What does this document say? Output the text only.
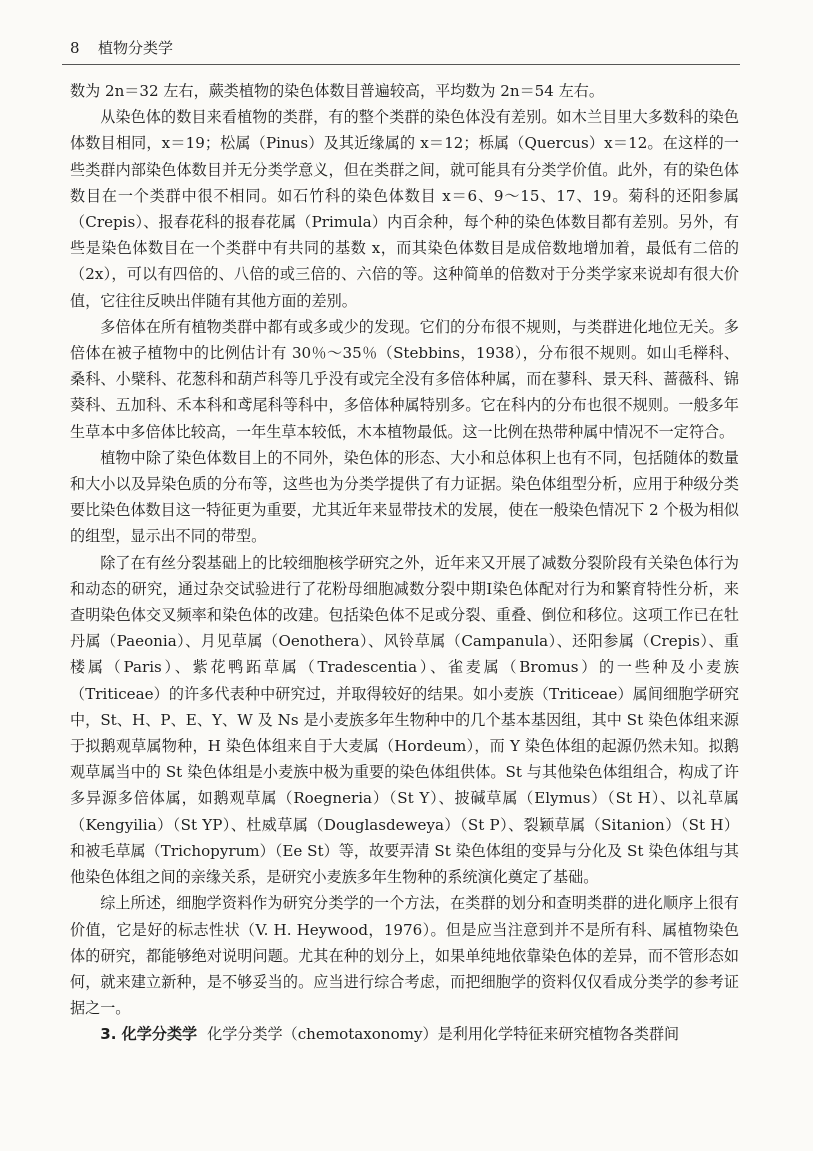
8 植物分类学

数为 2n＝32 左右，蕨类植物的染色体数目普遍较高，平均数为 2n＝54 左右。

从染色体的数目来看植物的类群，有的整个类群的染色体没有差别。如木兰目里大多数科的染色体数目相同，x＝19；松属（Pinus）及其近缘属的 x＝12；栎属（Quercus）x＝12。在这样的一些类群内部染色体数目并无分类学意义，但在类群之间，就可能具有分类学价值。此外，有的染色体数目在一个类群中很不相同。如石竹科的染色体数目 x＝6、9～15、17、19。菊科的还阳参属（Crepis）、报春花科的报春花属（Primula）内百余种，每个种的染色体数目都有差别。另外，有些是染色体数目在一个类群中有共同的基数 x，而其染色体数目是成倍数地增加着，最低有二倍的（2x），可以有四倍的、八倍的或三倍的、六倍的等。这种简单的倍数对于分类学家来说却有很大价值，它往往反映出伴随有其他方面的差别。

多倍体在所有植物类群中都有或多或少的发现。它们的分布很不规则，与类群进化地位无关。多倍体在被子植物中的比例估计有 30％～35％（Stebbins，1938），分布很不规则。如山毛榉科、桑科、小檗科、花葱科和葫芦科等几乎没有或完全没有多倍体种属，而在蓼科、景天科、蔷薇科、锦葵科、五加科、禾本科和鸢尾科等科中，多倍体种属特别多。它在科内的分布也很不规则。一般多年生草本中多倍体比较高，一年生草本较低，木本植物最低。这一比例在热带种属中情况不一定符合。

植物中除了染色体数目上的不同外，染色体的形态、大小和总体积上也有不同，包括随体的数量和大小以及异染色质的分布等，这些也为分类学提供了有力证据。染色体组型分析，应用于种级分类要比染色体数目这一特征更为重要，尤其近年来显带技术的发展，使在一般染色情况下 2 个极为相似的组型，显示出不同的带型。

除了在有丝分裂基础上的比较细胞核学研究之外，近年来又开展了减数分裂阶段有关染色体行为和动态的研究，通过杂交试验进行了花粉母细胞减数分裂中期Ⅰ染色体配对行为和繁育特性分析，来查明染色体交叉频率和染色体的改建。包括染色体不足或分裂、重叠、倒位和移位。这项工作已在牡丹属（Paeonia）、月见草属（Oenothera）、风铃草属（Campanula）、还阳参属（Crepis）、重楼属（Paris）、紫花鸭跖草属（Tradescentia）、雀麦属（Bromus）的一些种及小麦族（Triticeae）的许多代表种中研究过，并取得较好的结果。如小麦族（Triticeae）属间细胞学研究中，St、H、P、E、Y、W 及 Ns 是小麦族多年生物种中的几个基本基因组，其中 St 染色体组来源于拟鹅观草属物种，H 染色体组来自于大麦属（Hordeum），而 Y 染色体组的起源仍然未知。拟鹅观草属当中的 St 染色体组是小麦族中极为重要的染色体组供体。St 与其他染色体组组合，构成了许多异源多倍体属，如鹅观草属（Roegneria）（St Y）、披碱草属（Elymus）（St H）、以礼草属（Kengyilia）（St YP）、杜威草属（Douglasdeweya）（St P）、裂颖草属（Sitanion）（St H）和被毛草属（Trichopyrum）（Ee St）等，故要弄清 St 染色体组的变异与分化及 St 染色体组与其他染色体组之间的亲缘关系，是研究小麦族多年生物种的系统演化奠定了基础。

综上所述，细胞学资料作为研究分类学的一个方法，在类群的划分和查明类群的进化顺序上很有价值，它是好的标志性状（V. H. Heywood，1976）。但是应当注意到并不是所有科、属植物染色体的研究，都能够绝对说明问题。尤其在种的划分上，如果单纯地依靠染色体的差异，而不管形态如何，就来建立新种，是不够妥当的。应当进行综合考虑，而把细胞学的资料仅仅看成分类学的参考证据之一。

3. 化学分类学 化学分类学（chemotaxonomy）是利用化学特征来研究植物各类群间
